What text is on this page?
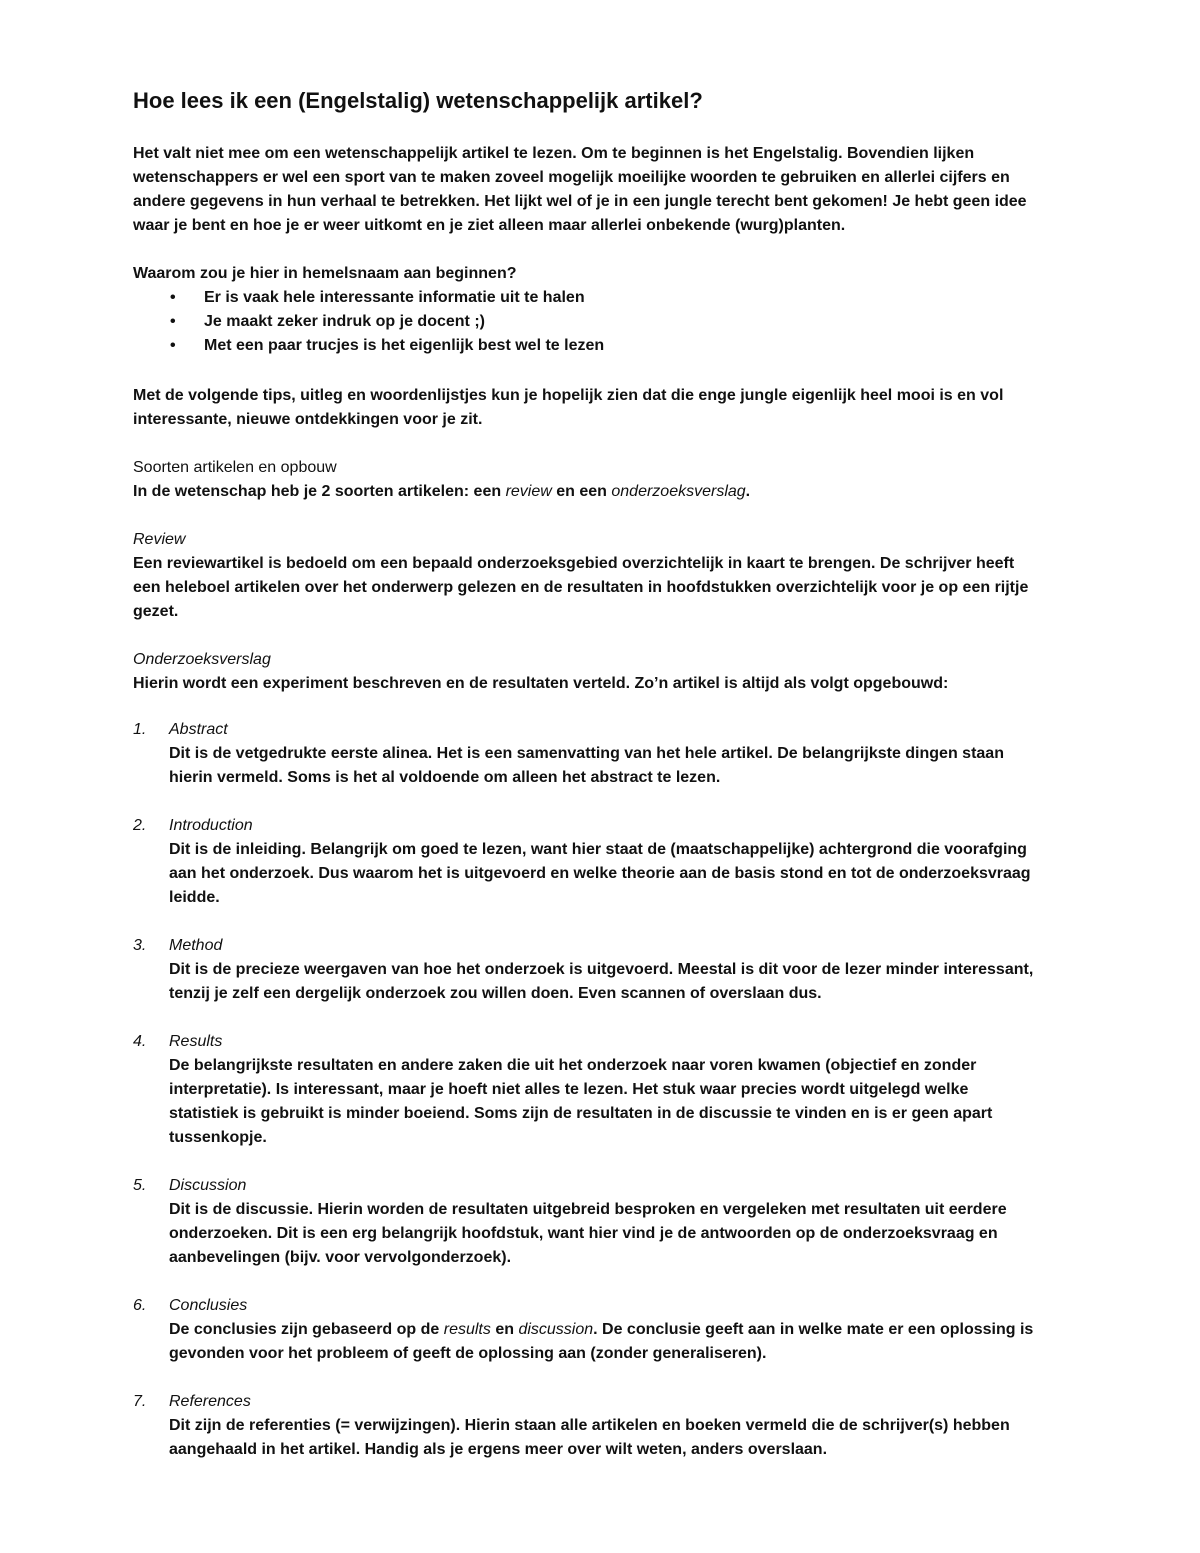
Hoe lees ik een (Engelstalig) wetenschappelijk artikel?

Het valt niet mee om een wetenschappelijk artikel te lezen. Om te beginnen is het Engelstalig. Bovendien lijken wetenschappers er wel een sport van te maken zoveel mogelijk moeilijke woorden te gebruiken en allerlei cijfers en andere gegevens in hun verhaal te betrekken. Het lijkt wel of je in een jungle terecht bent gekomen! Je hebt geen idee waar je bent en hoe je er weer uitkomt en je ziet alleen maar allerlei onbekende (wurg)planten.

Waarom zou je hier in hemelsnaam aan beginnen?

• Er is vaak hele interessante informatie uit te halen
• Je maakt zeker indruk op je docent ;)
• Met een paar trucjes is het eigenlijk best wel te lezen

Met de volgende tips, uitleg en woordenlijstjes kun je hopelijk zien dat die enge jungle eigenlijk heel mooi is en vol interessante, nieuwe ontdekkingen voor je zit.

Soorten artikelen en opbouw

In de wetenschap heb je 2 soorten artikelen: een review en een onderzoeksverslag.

Review

Een reviewartikel is bedoeld om een bepaald onderzoeksgebied overzichtelijk in kaart te brengen. De schrijver heeft een heleboel artikelen over het onderwerp gelezen en de resultaten in hoofdstukken overzichtelijk voor je op een rijtje gezet.

Onderzoeksverslag

Hierin wordt een experiment beschreven en de resultaten verteld. Zo’n artikel is altijd als volgt opgebouwd:

1. Abstract

Dit is de vetgedrukte eerste alinea. Het is een samenvatting van het hele artikel. De belangrijkste dingen staan hierin vermeld. Soms is het al voldoende om alleen het abstract te lezen.

2. Introduction

Dit is de inleiding. Belangrijk om goed te lezen, want hier staat de (maatschappelijke) achtergrond die voorafging aan het onderzoek. Dus waarom het is uitgevoerd en welke theorie aan de basis stond en tot de onderzoeksvraag leidde.

3. Method

Dit is de precieze weergaven van hoe het onderzoek is uitgevoerd. Meestal is dit voor de lezer minder interessant, tenzij je zelf een dergelijk onderzoek zou willen doen. Even scannen of overslaan dus.

4. Results

De belangrijkste resultaten en andere zaken die uit het onderzoek naar voren kwamen (objectief en zonder interpretatie). Is interessant, maar je hoeft niet alles te lezen. Het stuk waar precies wordt uitgelegd welke statistiek is gebruikt is minder boeiend. Soms zijn de resultaten in de discussie te vinden en is er geen apart tussenkopje.

5. Discussion

Dit is de discussie. Hierin worden de resultaten uitgebreid besproken en vergeleken met resultaten uit eerdere onderzoeken. Dit is een erg belangrijk hoofdstuk, want hier vind je de antwoorden op de onderzoeksvraag en aanbevelingen (bijv. voor vervolgonderzoek).

6. Conclusies

De conclusies zijn gebaseerd op de results en discussion. De conclusie geeft aan in welke mate er een oplossing is gevonden voor het probleem of geeft de oplossing aan (zonder generaliseren).

7. References

Dit zijn de referenties (= verwijzingen). Hierin staan alle artikelen en boeken vermeld die de schrijver(s) hebben aangehaald in het artikel. Handig als je ergens meer over wilt weten, anders overslaan.
